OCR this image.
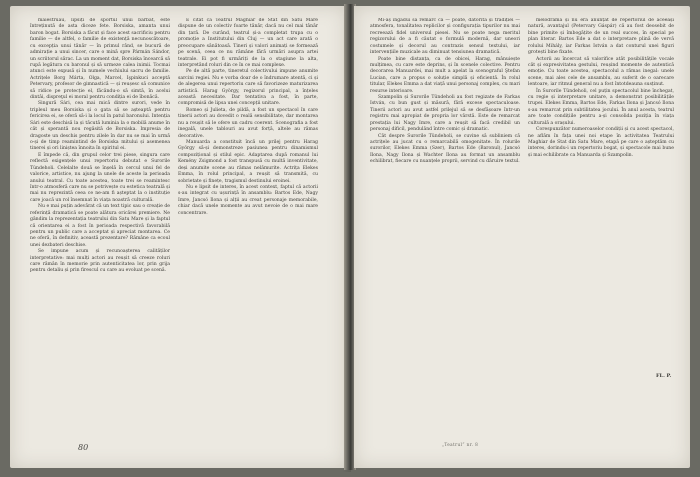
măiestruău, lipsiți de sportul unui bărbat, este întreținută de asta diceze fete. Borsiska, amanta unui baron bogat. Borsiska a făcut și face acest sacrificiu pentru familie — de altfel, o familie de existență necunoscătoare, cu excepția unui tânăr — în primul rând, se bucură de admirație a unui sincer, care o mină spre Pármán Sándor, un scriitorul sărac. La un moment dat, Borsiska încearcă să rupă legătura cu baronul și să urmeze calea inimii. Tocmai atunci este expusă și în numele vechiului sacru de familie. Actrițele Borg Márta, Olga, Marcel, Işpinkuci acceptă Petervary, profesor de gimnastică — și reușesc să comunice să ridice pe protecție el, făcându-o să simtă, în acelui dintâi, dispreţul ei moral pentru condiția ei de îbonăcă.

Singură Sári, cea mai mică dintre surori, vede în tripleul meu Borsiska și o gata să se așteaptă pentru fericirea ei, se oferă să-i la locul în patul baronului. Intenția Sári este deschisă la și tăcută luminia la o mobilă anume în cât și sperantă nou regăsită de Borsiska. Impresia de dragoste un deschis pentru zilele în dar nu se mai în urmă o-și de timp reamintind de Borsiska mitului și asemenea tinerei și ori liniștea înnoita în spiritul ei.

E împede că, din grupul celor trei piese, singura care reflectă exigențele unui repertoriu debutat e Surorile Tündeholi. Celelalte două se înșelă în cercul unui fel de valorice, artistice, nu ajung la unele de aceste la perioada anului teatral. Cu toate acestea, toate trei se reamintesc într-o atmosferă care nu se potrivește cu estetica teatrală și mai nu reprezintă ceea ce ne-am fi așteptat la o instituție care joacă un rol însemnat în viața noastră culturală.

Nu e mai puțin adevărat că un text tipic sau o creație de referință dramatică se poate alătura oricărei premiere. Ne gândim la reprezentația teatrului din Satu Mare și la faptul că orientarea ei a fost în perioada respectivă favorabilă pentru un public care a acceptat și apreciat montarea. Ce ne oferă, în definitiv, această prezentare? Rămâne ca ecoul unei dezbateri deschise.

Se impune acum și recunoașterea calităților interpretative: mai mulți actori au reușit să creeze roluri care rămân în memorie prin autenticitatea lor, prin grija pentru detaliu și prin firescul cu care au evoluat pe scenă.

E citat că Teatrul Maghiar de Stat din Satu Mare dispune de un colectiv foarte tânăr, dacă nu cel mai tânăr din țară. De curând, teatrul și-a completat trupa cu o promoție a Institutului din Cluj — un act care arată o preocupare sănătoasă. Tineri și valori animați se formează pe scenă, ceea ce nu rămâne fără urmări asupra artei teatrale. Ei pot fi urmăriți de la o stagiune la alta, interpretând roluri din ce în ce mai complexe.

Pe de altă parte, tineretul colectivului impune anumite sarcini regiei. Nu e vorba doar de o îndrumare atentă, ci și de alegerea unui repertoriu care să favorizeze maturizarea artistică. Harag György, regizorul principal, a înțeles această necesitate. Dar tentativa a fost, în parte, compromisă de lipsa unei concepții unitare.

Romeo și Julieta, de pildă, a fost un spectacol în care tinerii actori au dovedit o reală sensibilitate, dar montarea nu a reușit să le ofere un cadru coerent. Scenografia a fost inegală, unele tablouri au avut forță, altele au rămas decorative.

Manuarda a constituit încă un prilej pentru Harag György să-și demonstreze pasiunea pentru dinamismul compozițional și stilul epic. Adaptarea după romanul lui Kemény Zsigmond a fost transpusă cu multă inventivitate, deși anumite scene au rămas nelămurite. Actrița Elekes Emma, în rolul principal, a reușit să transmită, cu sobrietate și finețe, tragismul destinului eroinei.

Nu e lipsit de interes, în acest context, faptul că actorii s-au integrat cu ușurință în ansamblu: Bartos Ede, Nagy Imre, Jancsó Ilona și alții au creat personaje memorabile, chiar dacă unele momente au avut nevoie de o mai mare concentrare.

80

Mi-aș îngădui să remarc că — poate, datorită și tradiției — atmosfera, tonalitatea replicilor și configurația tipurilor nu mai recreează fidel universul piesei. Nu se poate nega meritul regizorului de a fi căutat o formulă modernă, dar uneori costumele și decorul au contrazis sensul textului, iar intervențiile muzicale au diminuat tensiunea dramatică.

Poate bine distanța, ca de obicei, Harag, mânuiește mulțimea, cu care este deprins, și în scenele colective. Pentru decorarea Manuardei, mai mult a apelat la scenograful Ştefan Lucian, care a propus o soluție simplă și eficientă. În rolul titular, Elekes Emma a dat viață unui personaj complex, cu mari resurse interioare.

Szampolin și Surorile Tündeholi au fost regizate de Farkas István, cu bun gust și măsură, fără excese spectaculoase. Tinerii actori au avut astfel prilejul să se desfășoare într-un registru mai apropiat de propria lor vârstă. Este de remarcat prestația lui Nagy Imre, care a reușit să facă credibil un personaj dificil, pendulând între comic și dramatic.

Cât despre Surorile Tündeholi, se cuvine să subliniem că actrițele au jucat cu o remarcabilă omogenitate. În rolurile surorilor, Elekes Emma (Szer), Bartos Ede (Baronul), Jancsó Ilona, Nagy Ilona și Wachter Ilona au format un ansamblu echilibrat, fiecare cu nuanțele proprii, servind cu dăruire textul.

melodrama și nu era anunțat de repertoriul de aceeași natură, avantajul (Petervary Gáspár) că au fost deosebit de bine primite și îmbogățite de un real succes, în special pe plan literar. Bartos Ede a dat o interpretare plină de vervă rolului Mihály, iar Farkas István a dat conturul unei figuri grotești bine fixate.

Actorii au încercat să valorifice atât posibilitățile vocale cât și expresivitatea gestului, reușind momente de autentică emoție. Cu toate acestea, spectacolul a rămas inegal: unele scene, mai ales cele de ansamblu, au suferit de o oarecare lentoare, iar ritmul general nu a fost întotdeauna susținut.

În Surorile Tündeholi, cel puțin spectacolul bine închegat, cu regie și interpretare unitare, a demonstrat posibilitățile trupei. Elekes Emma, Bartos Ede, Farkas Ilona și Jancsó Ilona s-au remarcat prin subtilitatea jocului. În anul acesta, teatrul are toate condițiile pentru a-și consolida poziția în viața culturală a orașului.

Corespunzător numeroaselor condiții și cu acest spectacol, ne aflăm în fața unei noi etape în activitatea Teatrului Maghiar de Stat din Satu Mare, etapă pe care o așteptăm cu interes, dorindu-i un repertoriu bogat, și spectacole mai bune și mai echilibrate ca Manuarda și Szampolin.

FL. P.
„Teatrul” nr. 8
